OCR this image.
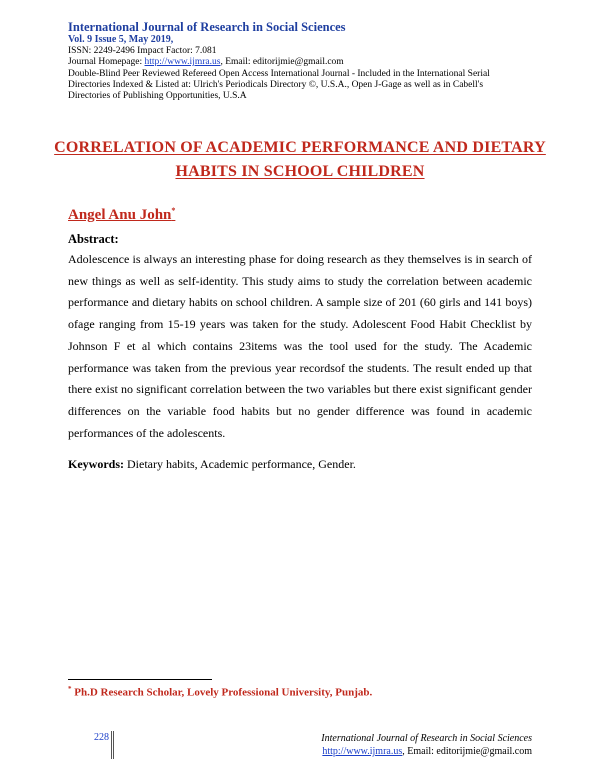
International Journal of Research in Social Sciences
Vol. 9 Issue 5, May 2019,
ISSN: 2249-2496 Impact Factor: 7.081
Journal Homepage: http://www.ijmra.us, Email: editorijmie@gmail.com
Double-Blind Peer Reviewed Refereed Open Access International Journal - Included in the International Serial
Directories Indexed & Listed at: Ulrich's Periodicals Directory ©, U.S.A., Open J-Gage as well as in Cabell's
Directories of Publishing Opportunities, U.S.A
CORRELATION OF ACADEMIC PERFORMANCE AND DIETARY
HABITS IN SCHOOL CHILDREN
Angel Anu John*
Abstract:
Adolescence is always an interesting phase for doing research as they themselves is in search of new things as well as self-identity. This study aims to study the correlation between academic performance and dietary habits on school children. A sample size of 201 (60 girls and 141 boys) ofage ranging from 15-19 years was taken for the study. Adolescent Food Habit Checklist by Johnson F et al which contains 23items was the tool used for the study. The Academic performance was taken from the previous year recordsof the students. The result ended up that there exist no significant correlation between the two variables but there exist significant gender differences on the variable food habits but no gender difference was found in academic performances of the adolescents.
Keywords: Dietary habits, Academic performance, Gender.
* Ph.D Research Scholar, Lovely Professional University, Punjab.
228	International Journal of Research in Social Sciences
http://www.ijmra.us, Email: editorijmie@gmail.com
